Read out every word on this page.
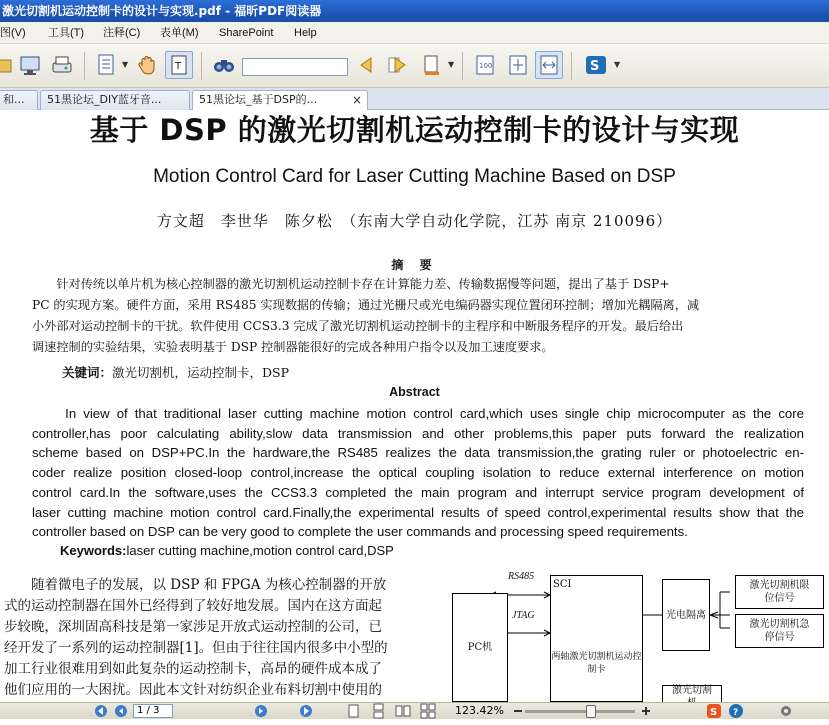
激光切割机运动控制卡的设计与实现.pdf - 福昕PDF阅读器
图(V) 工具(T) 注释(C) 表单(M) SharePoint Help
▼	T	▼	100	S ▼
和...	51黑论坛_DIY蓝牙音...	51黑论坛_基于DSP的...	×
基于 DSP 的激光切割机运动控制卡的设计与实现
Motion Control Card for Laser Cutting Machine Based on DSP
方文超　李世华　陈夕松　（东南大学自动化学院，江苏 南京 210096）
摘 要
　　针对传统以单片机为核心控制器的激光切割机运动控制卡存在计算能力差、传输数据慢等问题，提出了基于 DSP+
PC 的实现方案。硬件方面，采用 RS485 实现数据的传输；通过光栅尺或光电编码器实现位置闭环控制；增加光耦隔离，减
小外部对运动控制卡的干扰。软件使用 CCS3.3 完成了激光切割机运动控制卡的主程序和中断服务程序的开发。最后给出
调速控制的实验结果，实验表明基于 DSP 控制器能很好的完成各种用户指令以及加工速度要求。
关键词：激光切割机，运动控制卡，DSP
Abstract
　　In view of that traditional laser cutting machine motion control card,which uses single chip microcomputer as the core
controller,has poor calculating ability,slow data transmission and other problems,this paper puts forward the realization
scheme based on DSP+PC.In the hardware,the RS485 realizes the data transmission,the grating ruler or photoelectric en-
coder realize position closed-loop control,increase the optical coupling isolation to reduce external interference on motion
control card.In the software,uses the CCS3.3 completed the main program and interrupt service program development of
laser cutting machine motion control card.Finally,the experimental results of speed control,experimental results show that the
controller based on DSP can be very good to complete the user commands and processing speed requirements.
Keywords:laser cutting machine,motion control card,DSP
　　随着微电子的发展，以 DSP 和 FPGA 为核心控制器的开放
式的运动控制器在国外已经得到了较好地发展。国内在这方面起
步较晚，深圳固高科技是第一家涉足开放式运动控制的公司，已
经开发了一系列的运动控制器[1]。但由于往往国内很多中小型的
加工行业很难用到如此复杂的运动控制卡，高昂的硬件成本成了
他们应用的一大困扰。因此本文针对纺织企业布料切割中使用的
PC机
RS485
JTAG
SCI
两轴激光切割机运动控制卡
光电隔离
激光切割机限位信号
激光切割机急停信号
激光切割
1 / 3	123.42%	S ?
